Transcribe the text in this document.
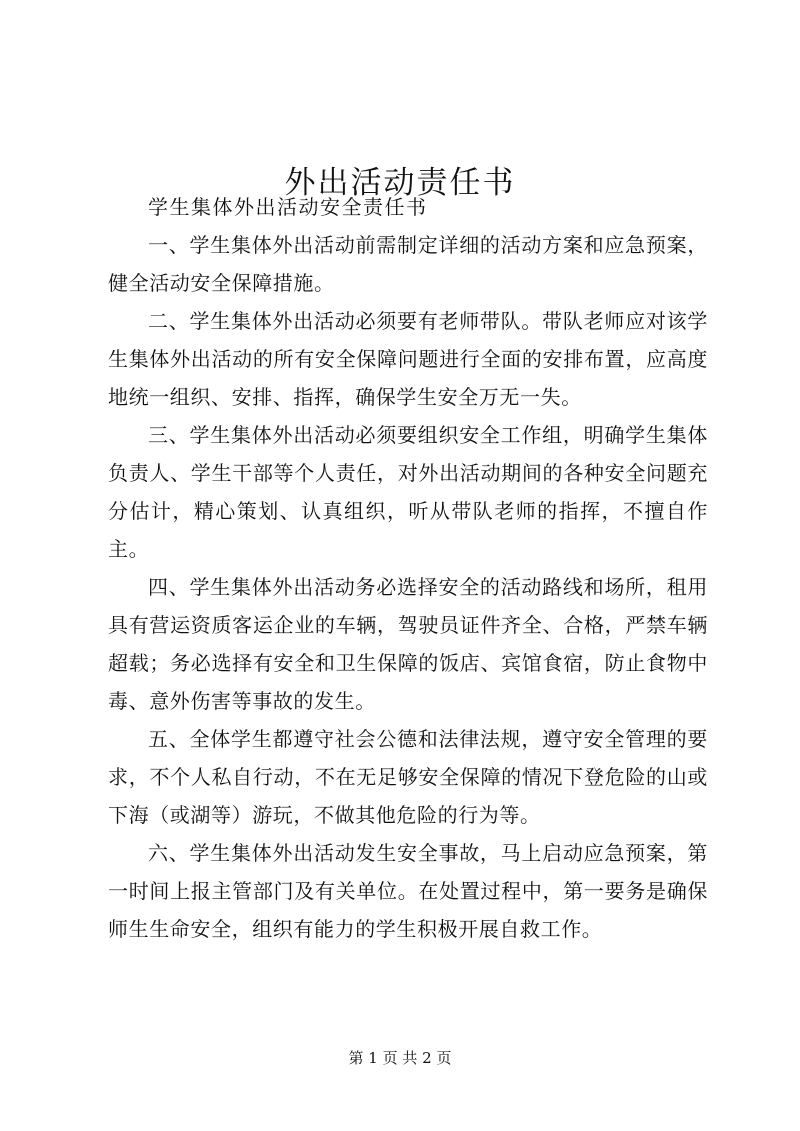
外出活动责任书

学生集体外出活动安全责任书

一、学生集体外出活动前需制定详细的活动方案和应急预案，健全活动安全保障措施。

二、学生集体外出活动必须要有老师带队。带队老师应对该学生集体外出活动的所有安全保障问题进行全面的安排布置，应高度地统一组织、安排、指挥，确保学生安全万无一失。

三、学生集体外出活动必须要组织安全工作组，明确学生集体负责人、学生干部等个人责任，对外出活动期间的各种安全问题充分估计，精心策划、认真组织，听从带队老师的指挥，不擅自作主。

四、学生集体外出活动务必选择安全的活动路线和场所，租用具有营运资质客运企业的车辆，驾驶员证件齐全、合格，严禁车辆超载；务必选择有安全和卫生保障的饭店、宾馆食宿，防止食物中毒、意外伤害等事故的发生。

五、全体学生都遵守社会公德和法律法规，遵守安全管理的要求，不个人私自行动，不在无足够安全保障的情况下登危险的山或下海（或湖等）游玩，不做其他危险的行为等。

六、学生集体外出活动发生安全事故，马上启动应急预案，第一时间上报主管部门及有关单位。在处置过程中，第一要务是确保师生生命安全，组织有能力的学生积极开展自救工作。

第 1 页 共 2 页
